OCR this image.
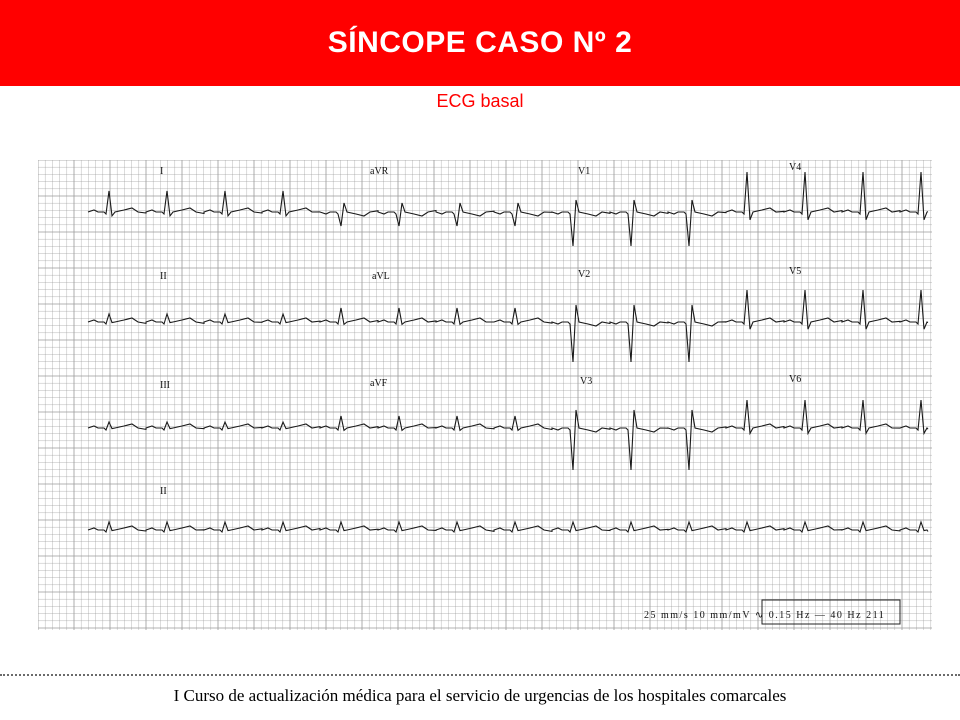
SÍNCOPE CASO Nº 2
ECG basal
I	aVR	V1	V4
II	aVL	V2	V5
III	aVF	V3	V6
II
25 mm/s 10 mm/mV ∿ 0.15 Hz — 40 Hz 211
I Curso de actualización médica para el servicio de urgencias de los hospitales comarcales
